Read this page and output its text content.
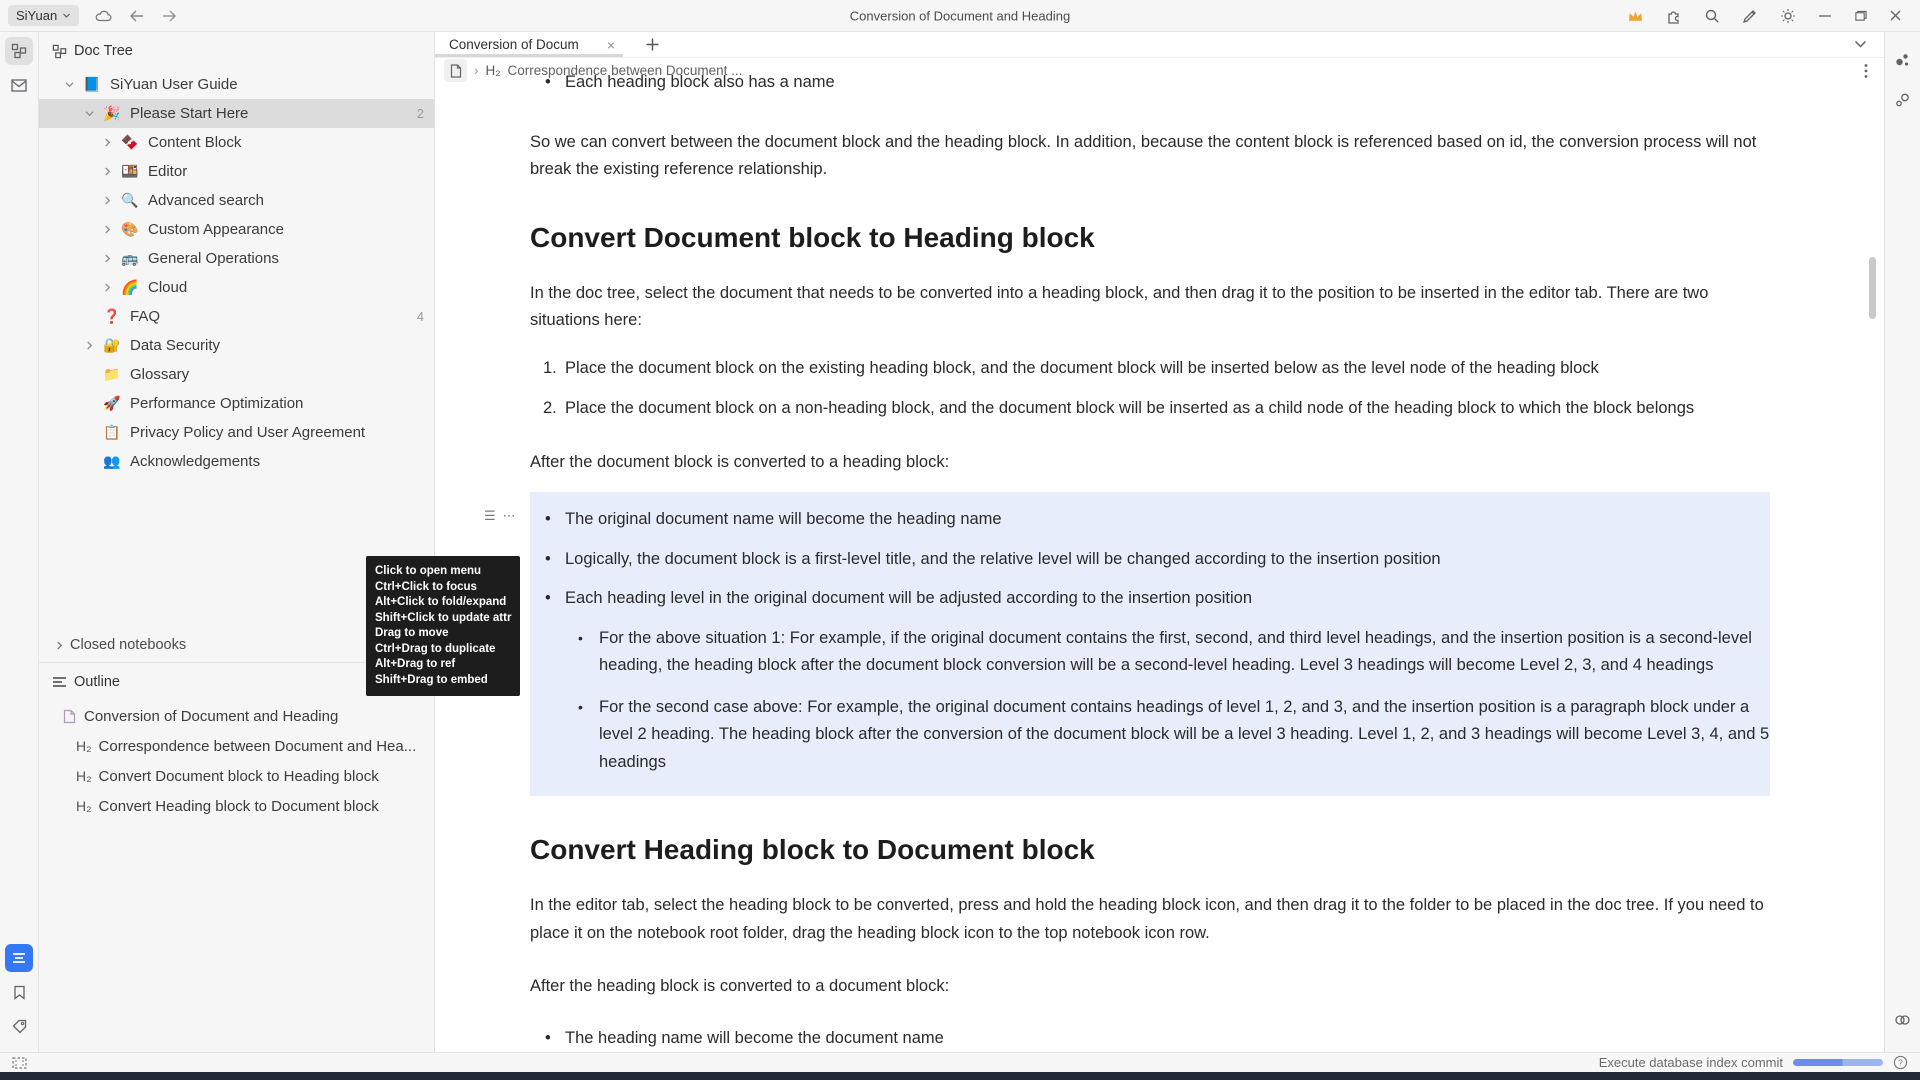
SiYuan	Conversion of Document and Heading
Doc Tree
📘 SiYuan User Guide
🎉 Please Start Here	2
🍫 Content Block
🍱 Editor
🔍 Advanced search
🎨 Custom Appearance
🚌 General Operations
🌈 Cloud
❓ FAQ	4
🔐 Data Security
📁 Glossary
🚀 Performance Optimization
📋 Privacy Policy and User Agreement
👥 Acknowledgements
Closed notebooks
Outline
Conversion of Document and Heading
H₂ Correspondence between Document and Hea...
H₂ Convert Document block to Heading block
H₂ Convert Heading block to Document block
Conversion of Docum	×
› H₂ Correspondence between Document ...
• Each heading block also has a name
So we can convert between the document block and the heading block. In addition, because the content block is referenced based on id, the conversion process will not break the existing reference relationship.
Convert Document block to Heading block
In the doc tree, select the document that needs to be converted into a heading block, and then drag it to the position to be inserted in the editor tab. There are two situations here:
1. Place the document block on the existing heading block, and the document block will be inserted below as the level node of the heading block
2. Place the document block on a non-heading block, and the document block will be inserted as a child node of the heading block to which the block belongs
After the document block is converted to a heading block:
☰ ⋯	• The original document name will become the heading name
• Logically, the document block is a first-level title, and the relative level will be changed according to the insertion position
• Each heading level in the original document will be adjusted according to the insertion position
• For the above situation 1: For example, if the original document contains the first, second, and third level headings, and the insertion position is a second-level heading, the heading block after the document block conversion will be a second-level heading. Level 3 headings will become Level 2, 3, and 4 headings
• For the second case above: For example, the original document contains headings of level 1, 2, and 3, and the insertion position is a paragraph block under a level 2 heading. The heading block after the conversion of the document block will be a level 3 heading. Level 1, 2, and 3 headings will become Level 3, 4, and 5 headings
Convert Heading block to Document block
In the editor tab, select the heading block to be converted, press and hold the heading block icon, and then drag it to the folder to be placed in the doc tree. If you need to place it on the notebook root folder, drag the heading block icon to the top notebook icon row.
After the heading block is converted to a document block:
• The heading name will become the document name
Click to open menu
Ctrl+Click to focus
Alt+Click to fold/expand
Shift+Click to update attr
Drag to move
Ctrl+Drag to duplicate
Alt+Drag to ref
Shift+Drag to embed
Execute database index commit	?
